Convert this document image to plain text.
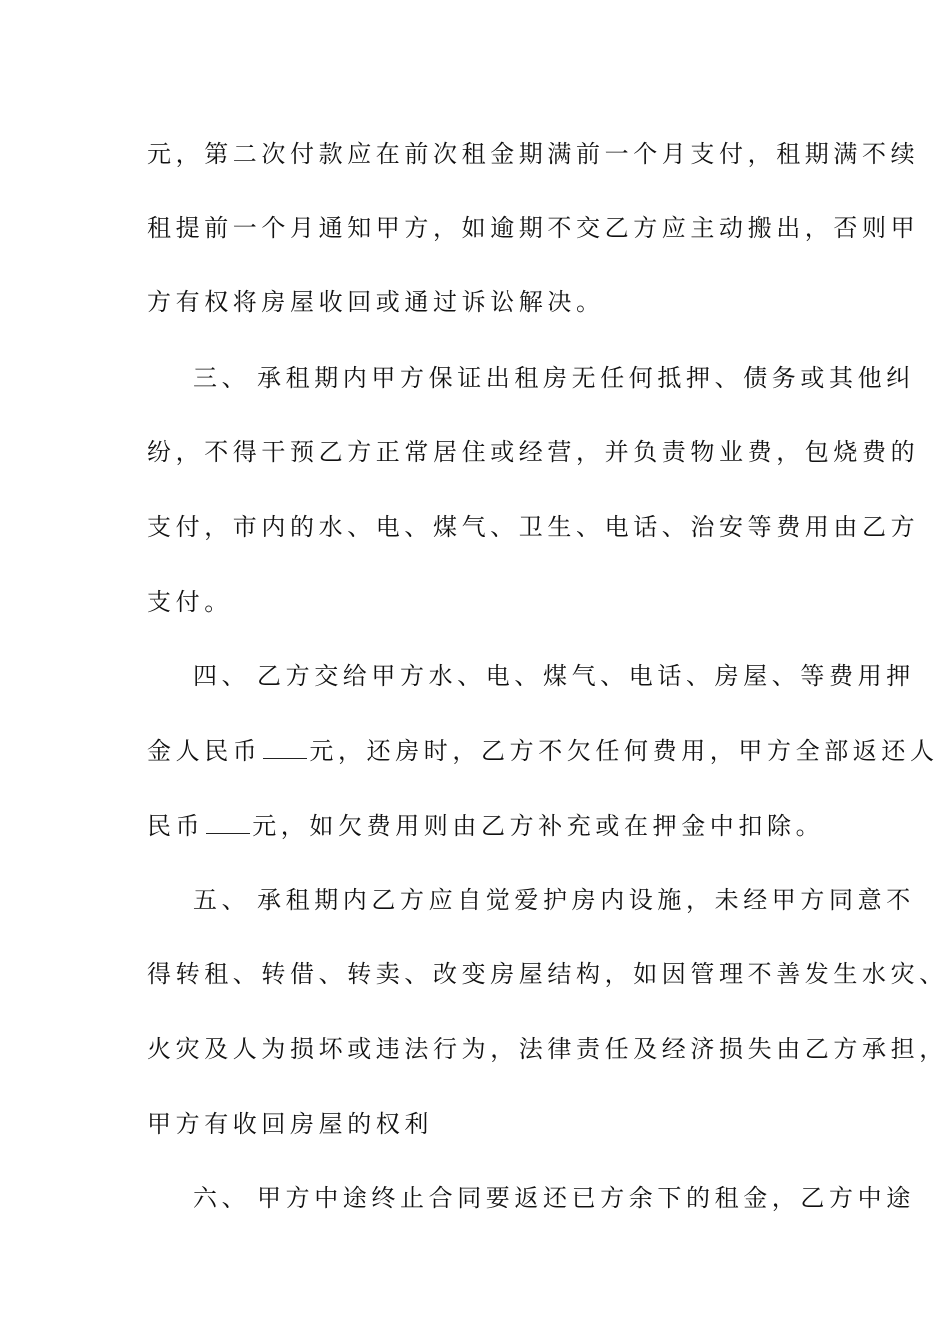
元，第二次付款应在前次租金期满前一个月支付，租期满不续
租提前一个月通知甲方，如逾期不交乙方应主动搬出，否则甲
方有权将房屋收回或通过诉讼解决。
三、 承租期内甲方保证出租房无任何抵押、债务或其他纠
纷，不得干预乙方正常居住或经营，并负责物业费，包烧费的
支付，市内的水、电、煤气、卫生、电话、治安等费用由乙方
支付。
四、 乙方交给甲方水、电、煤气、电话、房屋、等费用押
金人民币 元，还房时，乙方不欠任何费用，甲方全部返还人
民币 元，如欠费用则由乙方补充或在押金中扣除。
五、 承租期内乙方应自觉爱护房内设施，未经甲方同意不
得转租、转借、转卖、改变房屋结构，如因管理不善发生水灾、
火灾及人为损坏或违法行为，法律责任及经济损失由乙方承担，
甲方有收回房屋的权利
六、 甲方中途终止合同要返还已方余下的租金，乙方中途
